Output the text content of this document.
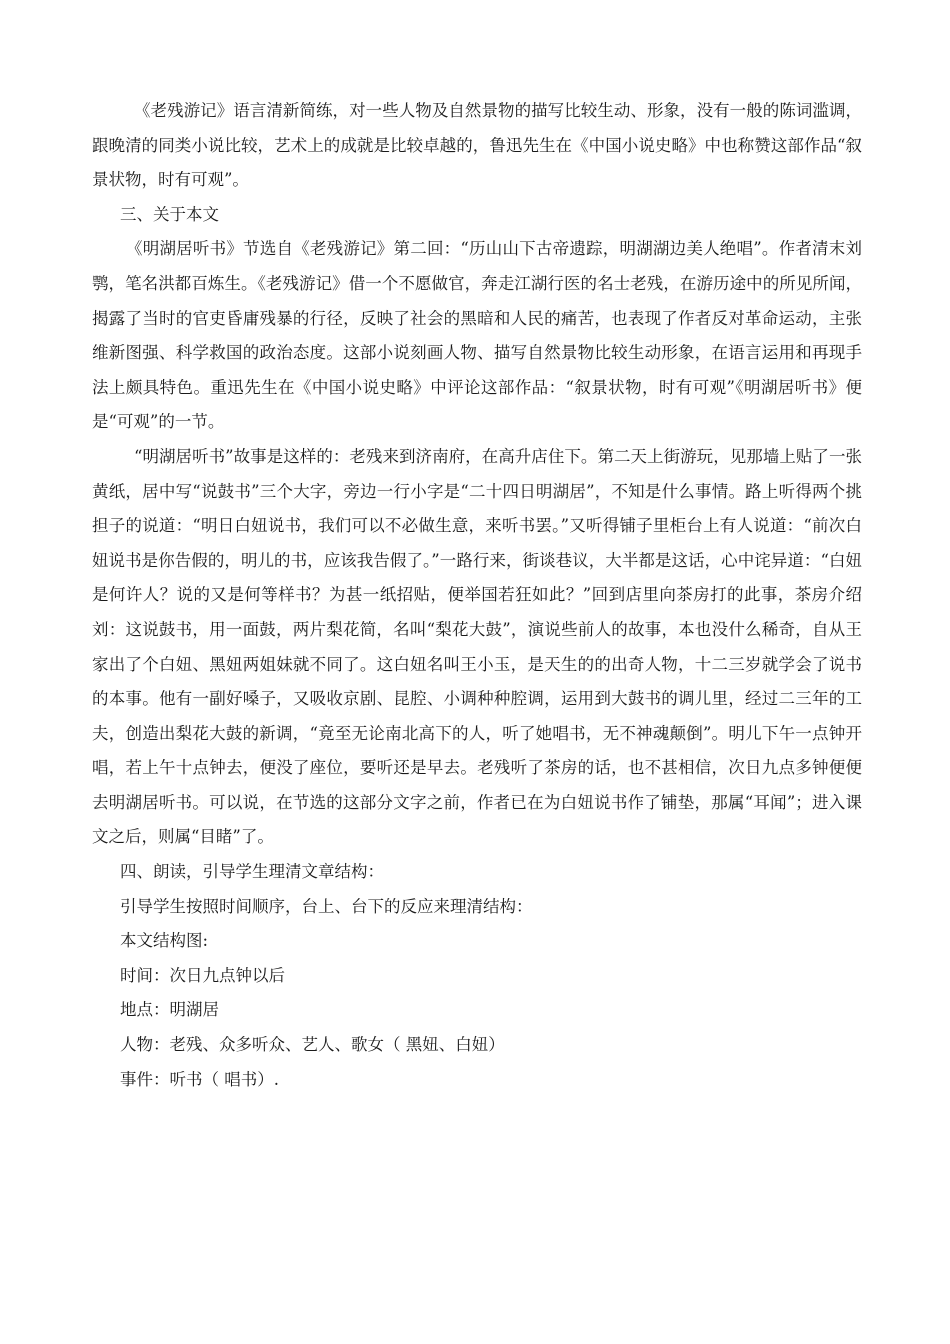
《老残游记》语言清新简练，对一些人物及自然景物的描写比较生动、形象，没有一般的陈词滥调，跟晚清的同类小说比较，艺术上的成就是比较卓越的，鲁迅先生在《中国小说史略》中也称赞这部作品“叙景状物，时有可观”。

三、关于本文

《明湖居听书》节选自《老残游记》第二回：“历山山下古帝遗踪，明湖湖边美人绝唱”。作者清末刘鹗，笔名洪都百炼生。《老残游记》借一个不愿做官，奔走江湖行医的名士老残，在游历途中的所见所闻，揭露了当时的官吏昏庸残暴的行径，反映了社会的黑暗和人民的痛苦，也表现了作者反对革命运动，主张维新图强、科学救国的政治态度。这部小说刻画人物、描写自然景物比较生动形象，在语言运用和再现手法上颇具特色。重迅先生在《中国小说史略》中评论这部作品：“叙景状物，时有可观”《明湖居听书》便是“可观”的一节。

“明湖居听书”故事是这样的：老残来到济南府，在高升店住下。第二天上街游玩，见那墙上贴了一张黄纸，居中写“说鼓书”三个大字，旁边一行小字是“二十四日明湖居”，不知是什么事情。路上听得两个挑担子的说道：“明日白妞说书，我们可以不必做生意，来听书罢。”又听得铺子里柜台上有人说道：“前次白妞说书是你告假的，明儿的书，应该我告假了。”一路行来，街谈巷议，大半都是这话，心中诧异道：“白妞是何许人？说的又是何等样书？为甚一纸招贴，便举国若狂如此？”回到店里向茶房打的此事，茶房介绍刘：这说鼓书，用一面鼓，两片梨花简，名叫“梨花大鼓”，演说些前人的故事，本也没什么稀奇，自从王家出了个白妞、黑妞两姐妹就不同了。这白妞名叫王小玉，是天生的的出奇人物，十二三岁就学会了说书的本事。他有一副好嗓子，又吸收京剧、昆腔、小调种种腔调，运用到大鼓书的调儿里，经过二三年的工夫，创造出梨花大鼓的新调，“竟至无论南北高下的人，听了她唱书，无不神魂颠倒”。明儿下午一点钟开唱，若上午十点钟去，便没了座位，要听还是早去。老残听了茶房的话，也不甚相信，次日九点多钟便便去明湖居听书。可以说，在节选的这部分文字之前，作者已在为白妞说书作了铺垫，那属“耳闻”；进入课文之后，则属“目睹”了。

四、朗读，引导学生理清文章结构：

引导学生按照时间顺序，台上、台下的反应来理清结构：

本文结构图:

时间：次日九点钟以后

地点：明湖居

人物：老残、众多听众、艺人、歌女（ 黑妞、白妞）

事件：听书（ 唱书）.
